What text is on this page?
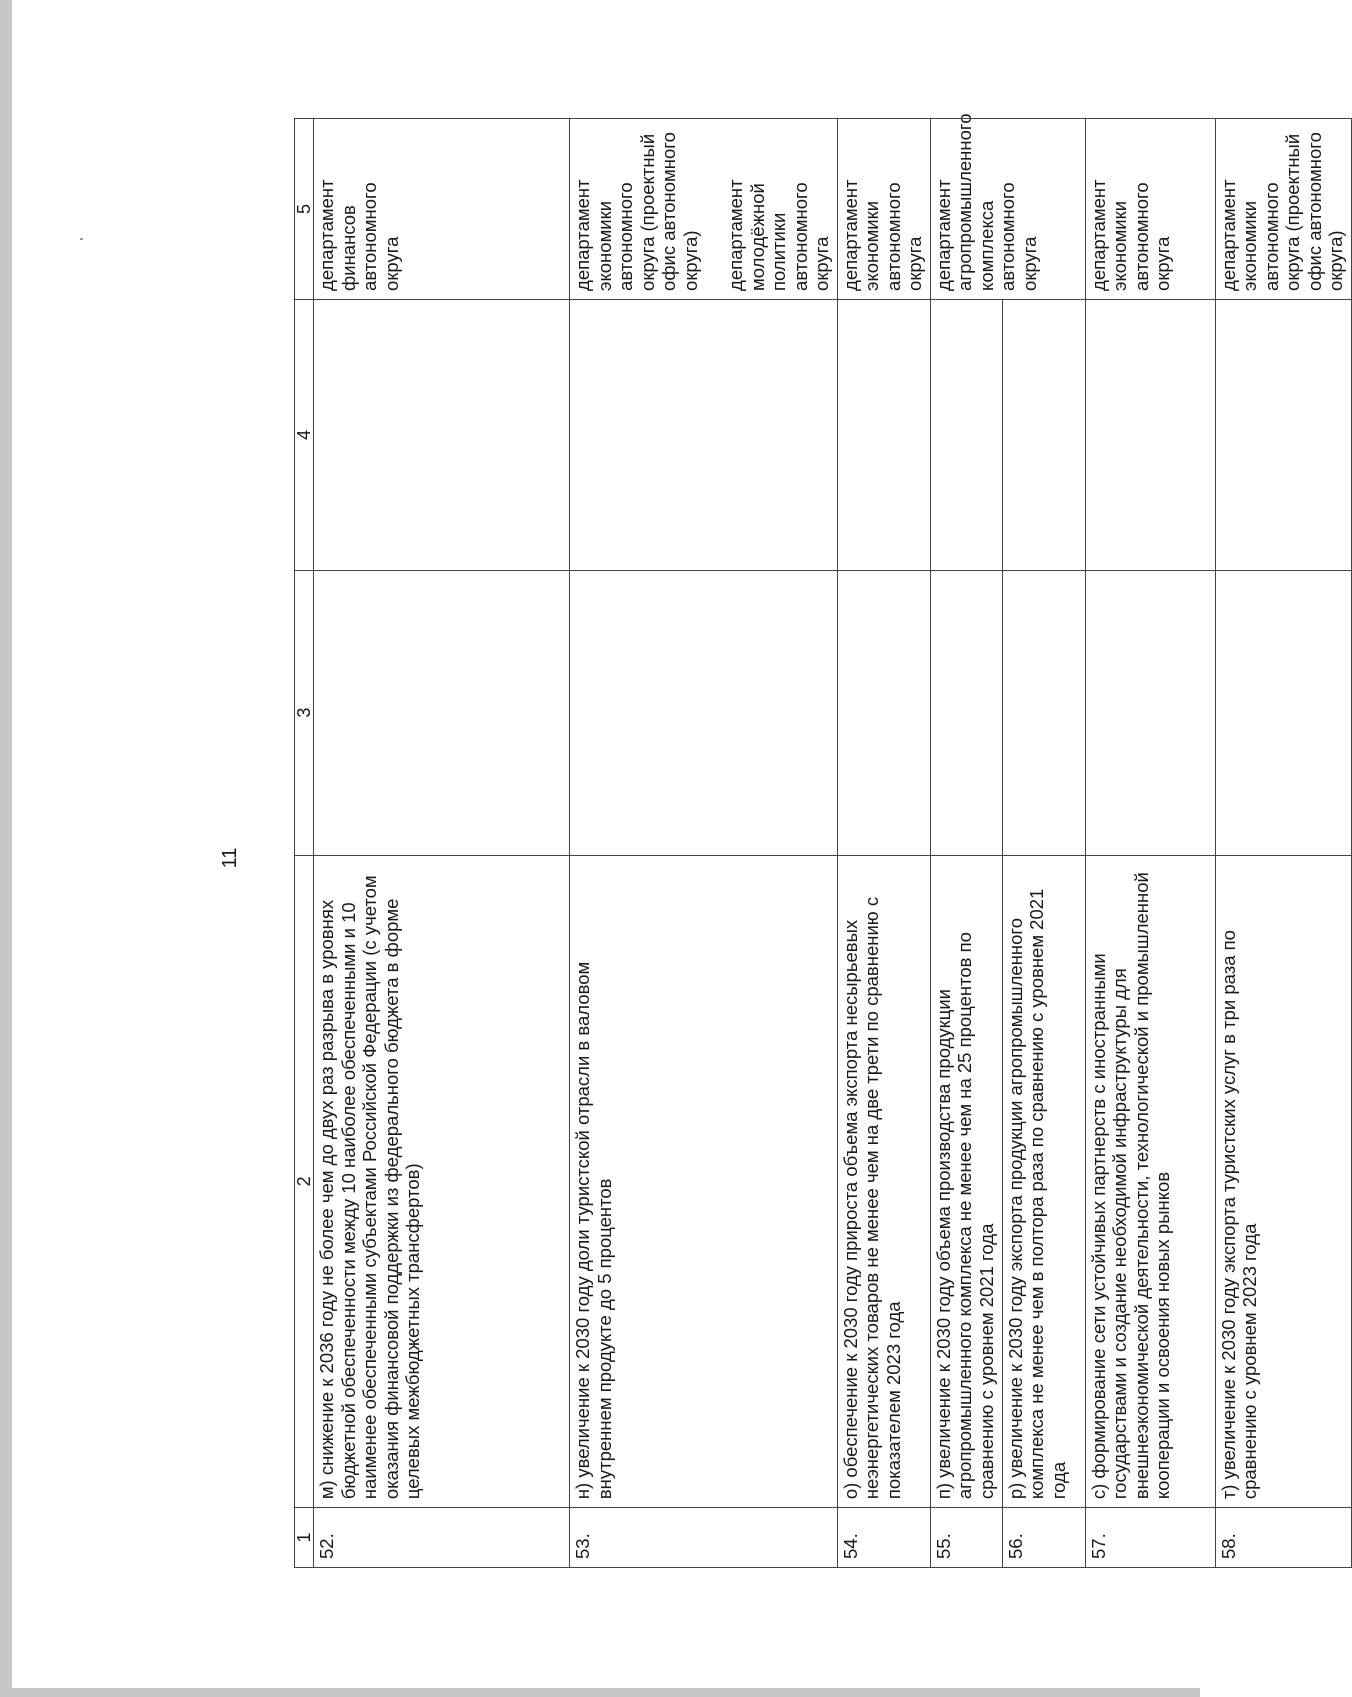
11
1	2	3	4	5
52.	м) снижение к 2036 году не более чем до двух раз разрыва в уровнях бюджетной обеспеченности между 10 наиболее обеспеченными и 10 наименее обеспеченными субъектами Российской Федерации (с учетом оказания финансовой поддержки из федерального бюджета в форме целевых межбюджетных трансфертов)			департамент финансов автономного округа

53.	н) увеличение к 2030 году доли туристской отрасли в валовом внутреннем продукте до 5 процентов			департамент экономики автономного округа (проектный офис автономного округа) департамент молодёжной политики автономного округа

54.	о) обеспечение к 2030 году прироста объема экспорта несырьевых неэнергетических товаров не менее чем на две трети по сравнению с показателем 2023 года			департамент экономики автономного округа

55.	п) увеличение к 2030 году объема производства продукции агропромышленного комплекса не менее чем на 25 процентов по сравнению с уровнем 2021 года			департамент агропромышленного комплекса автономного округа

56.	р) увеличение к 2030 году экспорта продукции агропромышленного комплекса не менее чем в полтора раза по сравнению с уровнем 2021 года			
57.	с) формирование сети устойчивых партнерств с иностранными государствами и создание необходимой инфраструктуры для внешнеэкономической деятельности, технологической и промышленной кооперации и освоения новых рынков			департамент экономики автономного округа

58.	т) увеличение к 2030 году экспорта туристских услуг в три раза по сравнению с уровнем 2023 года			департамент экономики автономного округа (проектный офис автономного округа)
